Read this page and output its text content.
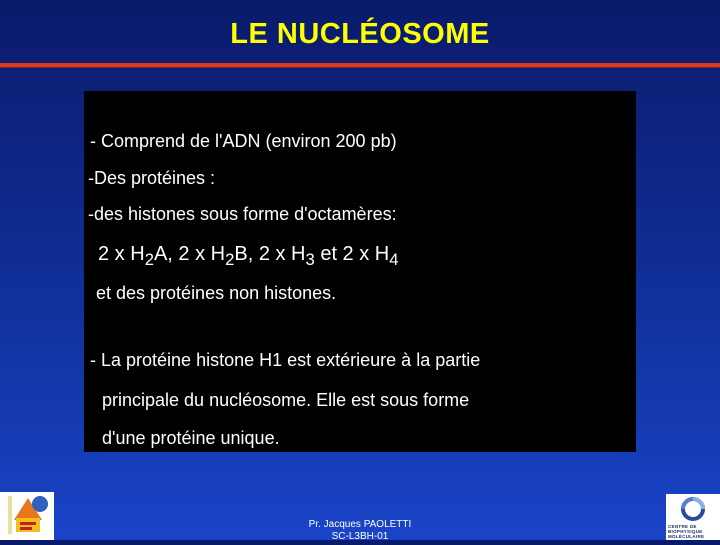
LE NUCLÉOSOME
- Comprend de l'ADN (environ 200 pb)
-Des protéines :
-des histones sous forme d'octamères:
2 x $H_2A$, 2 x $H_2B$, 2 x $H_3$ et 2 x $H_4$
et des protéines non histones.
- La protéine histone H1 est extérieure à la partie
principale du nucléosome. Elle est sous forme
d'une protéine unique.
CENTRE DE BIOPHYSIQUE MOLÉCULAIRE
Pr. Jacques PAOLETTI
SC-L3BH-01
